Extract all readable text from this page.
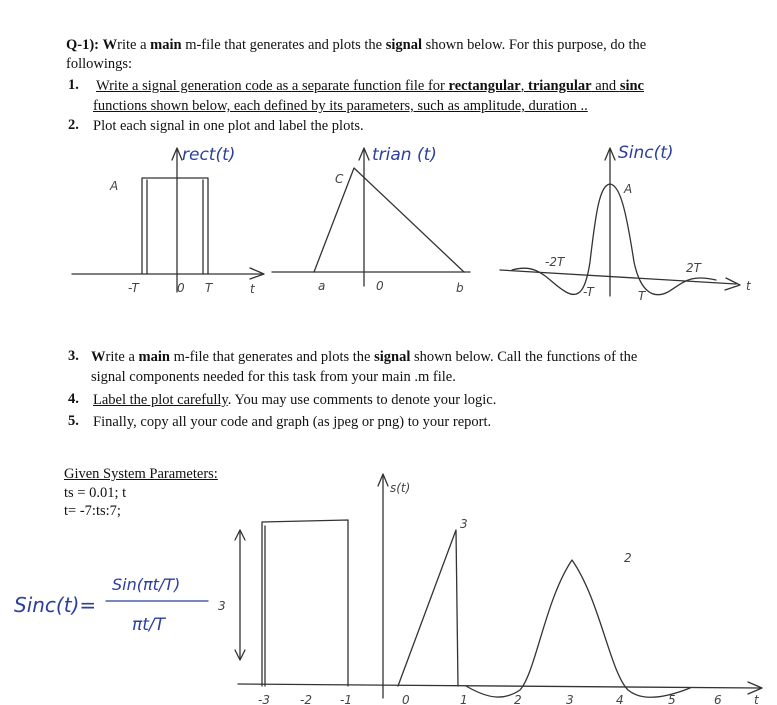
Q-1): Write a main m-file that generates and plots the signal shown below. For this purpose, do the
followings:
1. Write a signal generation code as a separate function file for rectangular, triangular and sinc
functions shown below, each defined by its parameters, such as amplitude, duration ..
2. Plot each signal in one plot and label the plots.
3. Write a main m-file that generates and plots the signal shown below. Call the functions of the
signal components needed for this task from your main .m file.
4. Label the plot carefully. You may use comments to denote your logic.
5. Finally, copy all your code and graph (as jpeg or png) to your report.
Given System Parameters:
ts = 0.01; t
t= -7:ts:7;
rect(t)
A
-T	0 T	t
trian (t)
C
a	0	b
Sinc(t)
A
-2T
-T	T
2T
t
Sinc(t)=
Sin(πt/T)
πt/T
s(t)
3
3
2
-3	-2 -1	0	1	2	3	4	5	6	t
